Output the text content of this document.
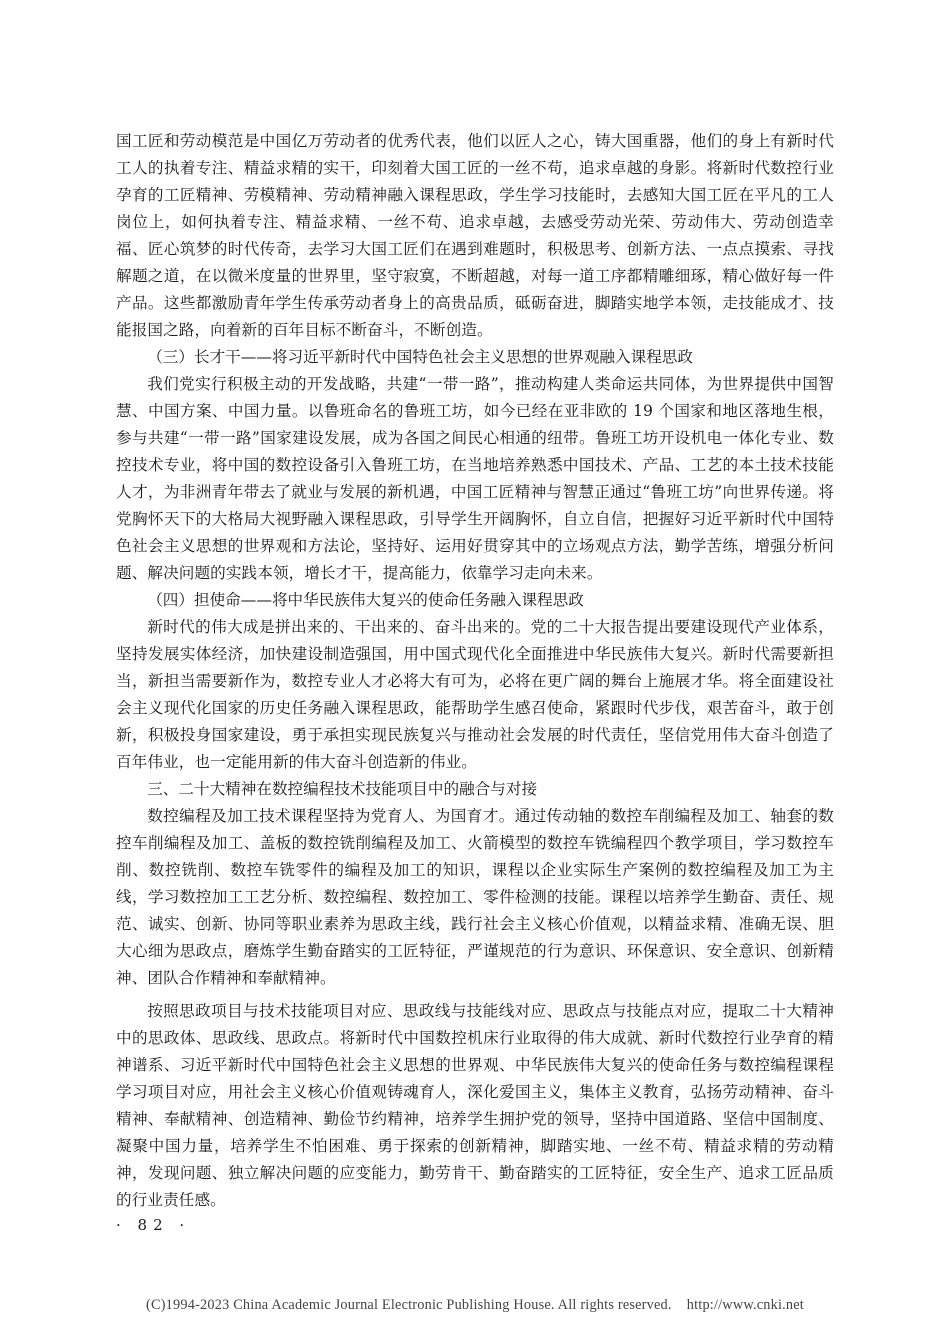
国工匠和劳动模范是中国亿万劳动者的优秀代表，他们以匠人之心，铸大国重器，他们的身上有新时代工人的执着专注、精益求精的实干，印刻着大国工匠的一丝不苟，追求卓越的身影。将新时代数控行业孕育的工匠精神、劳模精神、劳动精神融入课程思政，学生学习技能时，去感知大国工匠在平凡的工人岗位上，如何执着专注、精益求精、一丝不苟、追求卓越，去感受劳动光荣、劳动伟大、劳动创造幸福、匠心筑梦的时代传奇，去学习大国工匠们在遇到难题时，积极思考、创新方法、一点点摸索、寻找解题之道，在以微米度量的世界里，坚守寂寞，不断超越，对每一道工序都精雕细琢，精心做好每一件产品。这些都激励青年学生传承劳动者身上的高贵品质，砥砺奋进，脚踏实地学本领，走技能成才、技能报国之路，向着新的百年目标不断奋斗，不断创造。

（三）长才干——将习近平新时代中国特色社会主义思想的世界观融入课程思政

我们党实行积极主动的开发战略，共建“一带一路”，推动构建人类命运共同体，为世界提供中国智慧、中国方案、中国力量。以鲁班命名的鲁班工坊，如今已经在亚非欧的 19 个国家和地区落地生根，参与共建“一带一路”国家建设发展，成为各国之间民心相通的纽带。鲁班工坊开设机电一体化专业、数控技术专业，将中国的数控设备引入鲁班工坊，在当地培养熟悉中国技术、产品、工艺的本土技术技能人才，为非洲青年带去了就业与发展的新机遇，中国工匠精神与智慧正通过“鲁班工坊”向世界传递。将党胸怀天下的大格局大视野融入课程思政，引导学生开阔胸怀，自立自信，把握好习近平新时代中国特色社会主义思想的世界观和方法论，坚持好、运用好贯穿其中的立场观点方法，勤学苦练，增强分析问题、解决问题的实践本领，增长才干，提高能力，依靠学习走向未来。

（四）担使命——将中华民族伟大复兴的使命任务融入课程思政

新时代的伟大成是拼出来的、干出来的、奋斗出来的。党的二十大报告提出要建设现代产业体系，坚持发展实体经济，加快建设制造强国，用中国式现代化全面推进中华民族伟大复兴。新时代需要新担当，新担当需要新作为，数控专业人才必将大有可为，必将在更广阔的舞台上施展才华。将全面建设社会主义现代化国家的历史任务融入课程思政，能帮助学生感召使命，紧跟时代步伐，艰苦奋斗，敢于创新，积极投身国家建设，勇于承担实现民族复兴与推动社会发展的时代责任，坚信党用伟大奋斗创造了百年伟业，也一定能用新的伟大奋斗创造新的伟业。

三、二十大精神在数控编程技术技能项目中的融合与对接

数控编程及加工技术课程坚持为党育人、为国育才。通过传动轴的数控车削编程及加工、轴套的数控车削编程及加工、盖板的数控铣削编程及加工、火箭模型的数控车铣编程四个教学项目，学习数控车削、数控铣削、数控车铣零件的编程及加工的知识，课程以企业实际生产案例的数控编程及加工为主线，学习数控加工工艺分析、数控编程、数控加工、零件检测的技能。课程以培养学生勤奋、责任、规范、诚实、创新、协同等职业素养为思政主线，践行社会主义核心价值观，以精益求精、准确无误、胆大心细为思政点，磨炼学生勤奋踏实的工匠特征，严谨规范的行为意识、环保意识、安全意识、创新精神、团队合作精神和奉献精神。

按照思政项目与技术技能项目对应、思政线与技能线对应、思政点与技能点对应，提取二十大精神中的思政体、思政线、思政点。将新时代中国数控机床行业取得的伟大成就、新时代数控行业孕育的精神谱系、习近平新时代中国特色社会主义思想的世界观、中华民族伟大复兴的使命任务与数控编程课程学习项目对应，用社会主义核心价值观铸魂育人，深化爱国主义，集体主义教育，弘扬劳动精神、奋斗精神、奉献精神、创造精神、勤俭节约精神，培养学生拥护党的领导，坚持中国道路、坚信中国制度、凝聚中国力量，培养学生不怕困难、勇于探索的创新精神，脚踏实地、一丝不苟、精益求精的劳动精神，发现问题、独立解决问题的应变能力，勤劳肯干、勤奋踏实的工匠特征，安全生产、追求工匠品质的行业责任感。

· 82 ·
(C)1994-2023 China Academic Journal Electronic Publishing House. All rights reserved.    http://www.cnki.net
